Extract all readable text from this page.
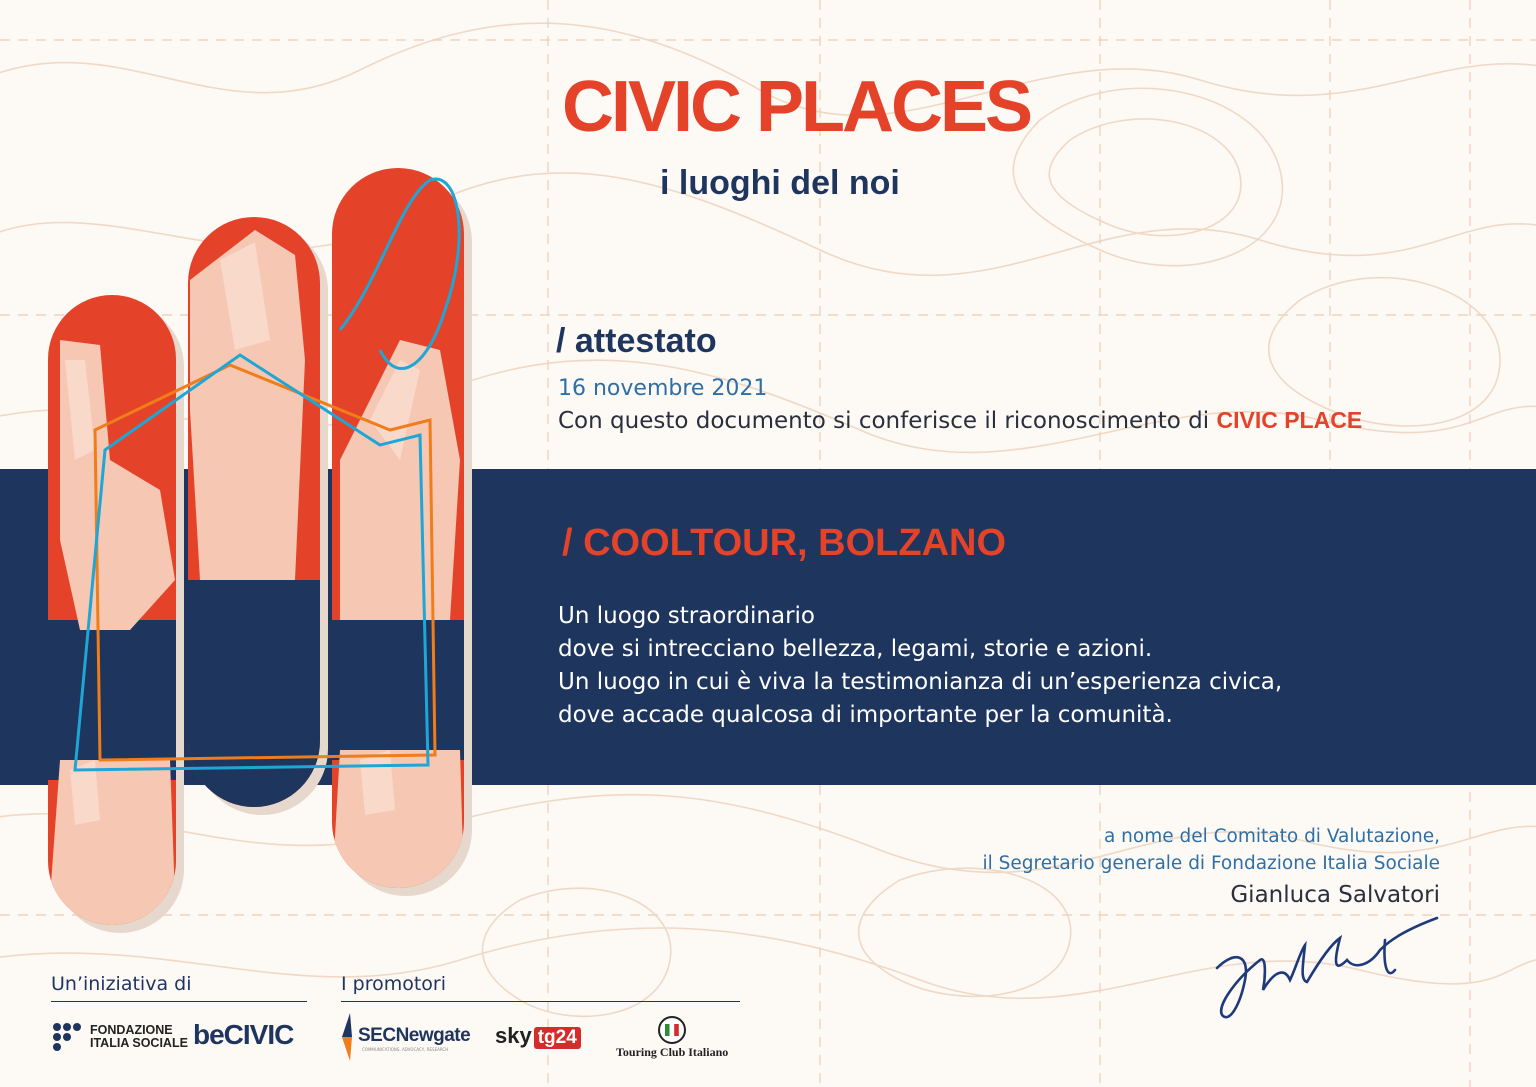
CIVIC PLACES
i luoghi del noi
/ attestato
16 novembre 2021
Con questo documento si conferisce il riconoscimento di CIVIC PLACE
/ COOLTOUR, BOLZANO
Un luogo straordinario
dove si intrecciano bellezza, legami, storie e azioni.
Un luogo in cui è viva la testimonianza di un’esperienza civica,
dove accade qualcosa di importante per la comunità.
a nome del Comitato di Valutazione,
il Segretario generale di Fondazione Italia Sociale
Gianluca Salvatori
Un’iniziativa di	I promotori
FONDAZIONE
ITALIA SOCIALE beCIVIC	SECNewgate
COMMUNICATIONS, ADVOCACY, RESEARCH
sky tg24
Touring Club Italiano
